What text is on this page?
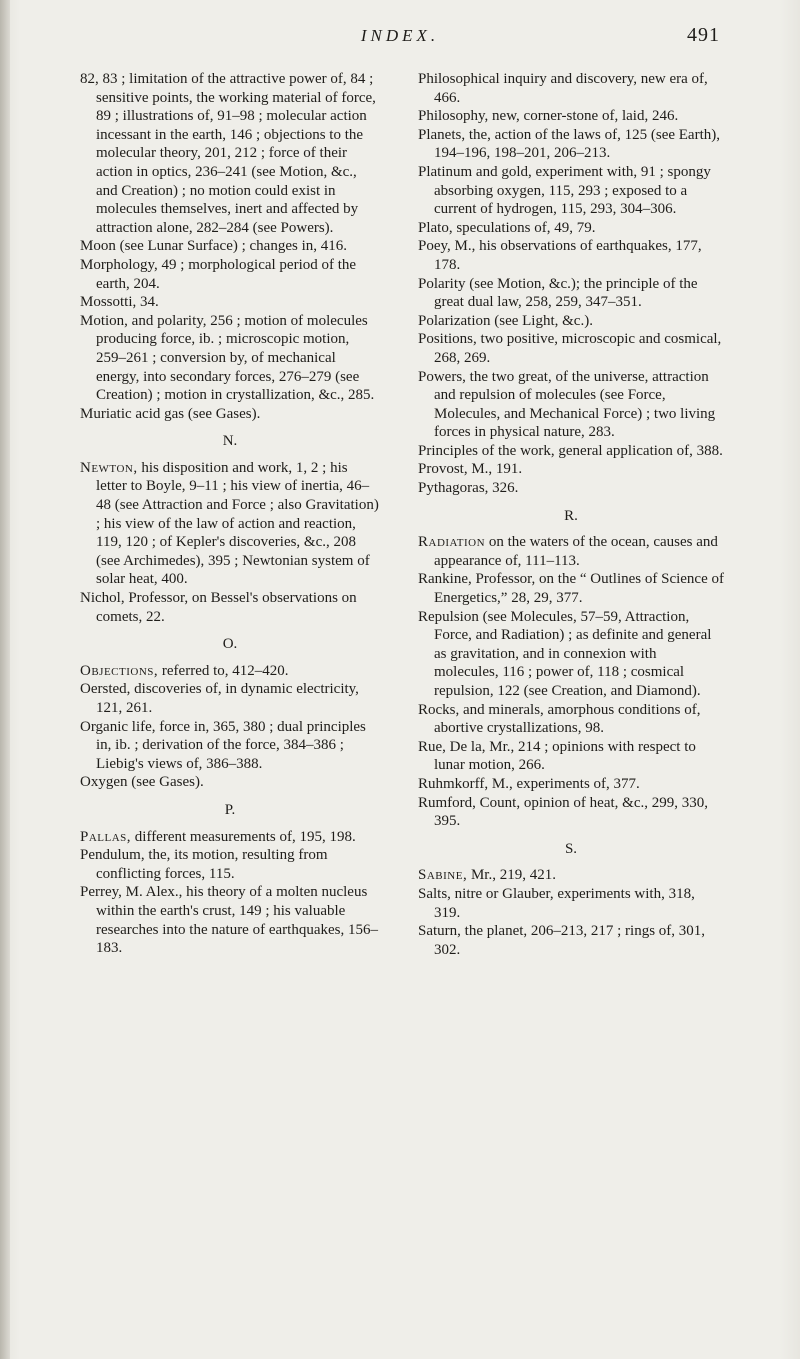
INDEX.	491

82, 83 ; limitation of the attractive power of, 84 ; sensitive points, the working material of force, 89 ; illustrations of, 91–98 ; molecular action incessant in the earth, 146 ; objections to the molecular theory, 201, 212 ; force of their action in optics, 236–241 (see Motion, &c., and Creation) ; no motion could exist in molecules themselves, inert and affected by attraction alone, 282–284 (see Powers).

Moon (see Lunar Surface) ; changes in, 416.

Morphology, 49 ; morphological period of the earth, 204.

Mossotti, 34.

Motion, and polarity, 256 ; motion of molecules producing force, ib. ; microscopic motion, 259–261 ; conversion by, of mechanical energy, into secondary forces, 276–279 (see Creation) ; motion in crystallization, &c., 285.

Muriatic acid gas (see Gases).

N.

Newton, his disposition and work, 1, 2 ; his letter to Boyle, 9–11 ; his view of inertia, 46–48 (see Attraction and Force ; also Gravitation) ; his view of the law of action and reaction, 119, 120 ; of Kepler's discoveries, &c., 208 (see Archimedes), 395 ; Newtonian system of solar heat, 400.

Nichol, Professor, on Bessel's observations on comets, 22.

O.

Objections, referred to, 412–420.

Oersted, discoveries of, in dynamic electricity, 121, 261.

Organic life, force in, 365, 380 ; dual principles in, ib. ; derivation of the force, 384–386 ; Liebig's views of, 386–388.

Oxygen (see Gases).

P.

Pallas, different measurements of, 195, 198.

Pendulum, the, its motion, resulting from conflicting forces, 115.

Perrey, M. Alex., his theory of a molten nucleus within the earth's crust, 149 ; his valuable researches into the nature of earthquakes, 156–183.

Philosophical inquiry and discovery, new era of, 466.

Philosophy, new, corner-stone of, laid, 246.

Planets, the, action of the laws of, 125 (see Earth), 194–196, 198–201, 206–213.

Platinum and gold, experiment with, 91 ; spongy absorbing oxygen, 115, 293 ; exposed to a current of hydrogen, 115, 293, 304–306.

Plato, speculations of, 49, 79.

Poey, M., his observations of earthquakes, 177, 178.

Polarity (see Motion, &c.); the principle of the great dual law, 258, 259, 347–351.

Polarization (see Light, &c.).

Positions, two positive, microscopic and cosmical, 268, 269.

Powers, the two great, of the universe, attraction and repulsion of molecules (see Force, Molecules, and Mechanical Force) ; two living forces in physical nature, 283.

Principles of the work, general application of, 388.

Provost, M., 191.

Pythagoras, 326.

R.

Radiation on the waters of the ocean, causes and appearance of, 111–113.

Rankine, Professor, on the “ Outlines of Science of Energetics,” 28, 29, 377.

Repulsion (see Molecules, 57–59, Attraction, Force, and Radiation) ; as definite and general as gravitation, and in connexion with molecules, 116 ; power of, 118 ; cosmical repulsion, 122 (see Creation, and Diamond).

Rocks, and minerals, amorphous conditions of, abortive crystallizations, 98.

Rue, De la, Mr., 214 ; opinions with respect to lunar motion, 266.

Ruhmkorff, M., experiments of, 377.

Rumford, Count, opinion of heat, &c., 299, 330, 395.

S.

Sabine, Mr., 219, 421.

Salts, nitre or Glauber, experiments with, 318, 319.

Saturn, the planet, 206–213, 217 ; rings of, 301, 302.
